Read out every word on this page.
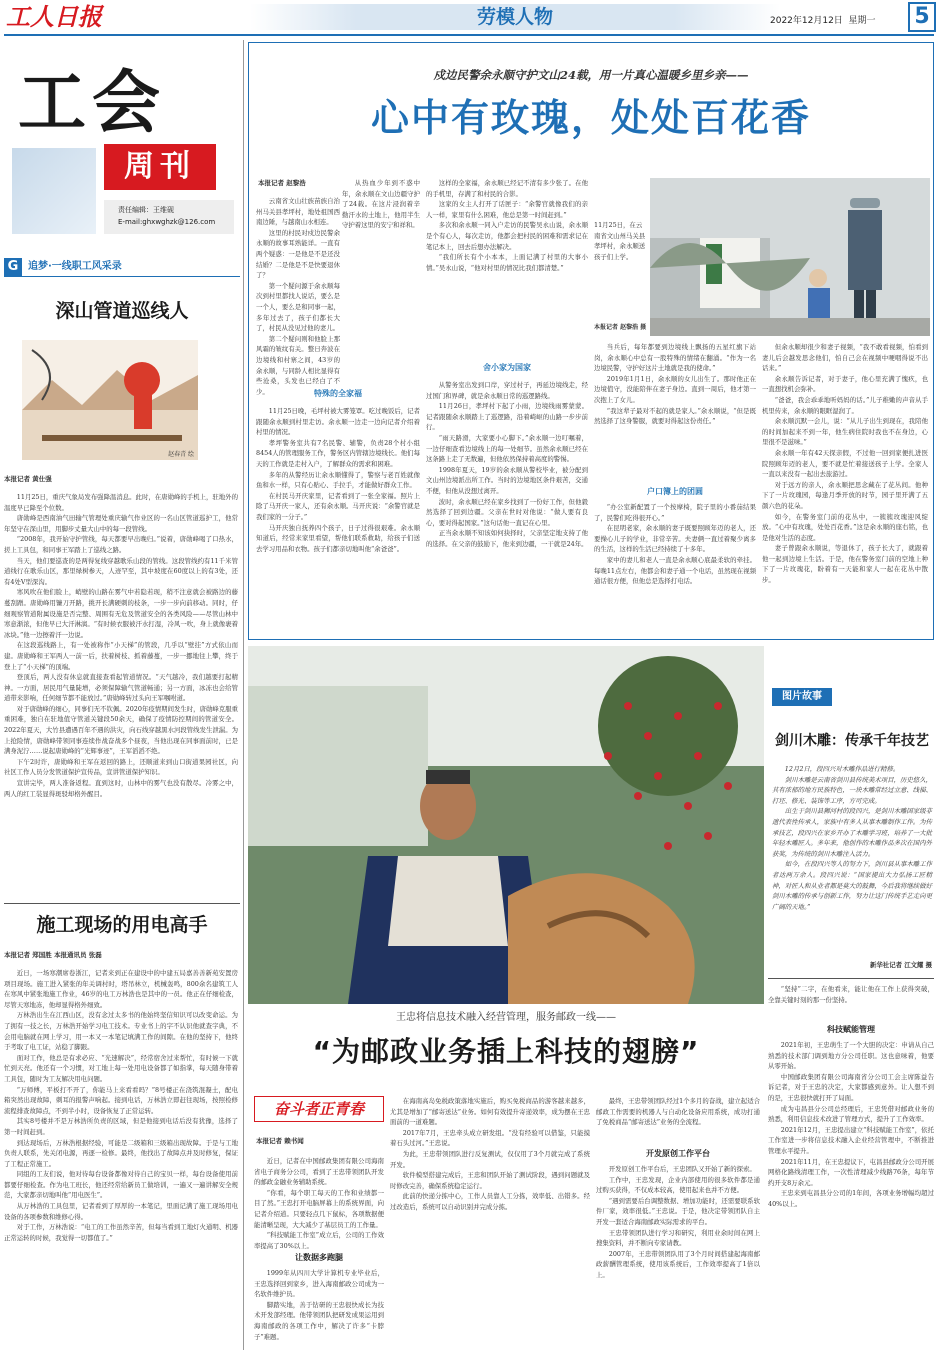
工人日报	劳模人物	2022年12月12日 星期一	5
工会
周刊
责任编辑：王维砚
E-mail:ghxwghzk@126.com
G 追梦·一线职工风采录
深山管道巡线人
赵春青 绘
本报记者 黄仕强

11月25日，重庆气象局发布强降温消息。此时，在唐勋峰的手机上，驻地外的温度早已降至个位数。

唐勋峰是西南油气田输气管理处重庆输气作业区的一名山区管道巡护工，他常年坚守在深山里，用脚步丈量大山中的每一段管线。

“2008年，我开始守护管线，每天都要早出晚归。”说着，唐勋峰喝了口热水，搓上工具包，和同事王军踏上了巡线之路。

当天，他们要巡查的是两得复线穿越歌乐山段的管线。这段管线约有11千米管道线行在歌乐山区，那里绿树参天，人迹罕至，其中坡度在60度以上的有3处，还有4处V型深沟。

寒风吹在他们脸上，峭壁的山路在雾气中若隐若现，稍不注意就会被路边的藤蔓刮蹭。唐勋峰用镰刀开路，挑开长满硬刺的枝条，一步一步向前移动。同时，仔细观察管道附属设施是否完整、周围有无危及管道安全的各类风险——尽管山林中寒意渐浓，但他早已大汗淋漓。“有时候衣服被汗水打湿，冷风一吹，身上就像裹着冰块。”他一边擦着汗一边说。

在这段巡线路上，有一处被称作“小天梯”的管段，几乎以“壁挂”方式依山而建。唐勋峰和王军两人一前一后，扶着树枝、抓着藤蔓，一步一挪地往上攀，终于登上了“小天梯”的顶端。

登顶后，两人没有休息就直接查看起管道情况。“天气越冷，我们越要打起精神。一方面，居民用气量陡增，必须保障输气管道畅通；另一方面，冰冻也会给管道带来影响，任何细节都不能放过。”唐勋峰转过头向王军嘱咐道。

对于唐勋峰的细心，同事们无不钦佩。2020年疫情期间发生时，唐勋峰克服重重困难，独自在驻地值守管道关键段50余天，确保了疫情防控期间的管道安全。2022年夏天，大竹县遭遇百年不遇的洪灾，向石线穿越黑水河段管线发生泄漏。为上抢险情，唐勋峰带领同事连续作战奋战多个昼夜，当他出现在同事面前时，已是满身泥泞……说起唐勋峰的“光辉事迹”，王军滔滔不绝。

下午2时许，唐勋峰和王军在返回的路上，还顺道来到山口街道果园社区，向社区工作人员分发管道保护宣传品，宣讲管道保护知识。

宣讲完毕，两人准备返程。直到这时，山林中的雾气也没有散尽。冷雾之中，两人的红工装显得斑驳却格外醒目。

施工现场的用电高手
本报记者 郑国胜 本报通讯员 张磊

近日，一场寒潮席卷浙江，记者来到正在建设中的中建五局嘉善善新苑安置房项目现场。施工进入紧张的年关调村时，塔吊林立，机械轰鸣，800余名建筑工人在寒风中紧张地施工作业，46岁的电工万林浩也是其中的一员。他正在仔细检查，尽管天寒地冻，他却显得格外细致。

万林浩出生在江西山区，没有念过太多书的他始终坚信知识可以改变命运。为了拥有一技之长，万林浩开始学习电工技术。专业书上的字不认识他就查字典，不会用电脑就在网上学习，用一本又一本笔记填满工作的间隙。在他的坚持下，他终于考取了电工证，站稳了脚跟。

面对工作，他总是有求必应、“光速解决”，经常宿舍过来帮忙，有时候一下就忙到天亮。他还有一个习惯，对工地上每一处用电设备都了如指掌，每天随身带着工具包，随时为工友解决用电问题。

“万师傅，平板打不开了，你能马上来看看吗？”8号楼正在浇筑混凝土，配电箱突然出现故障，刺耳的报警声响起。接到电话，万林浩立即赶往现场，按照检修流程排查故障点，不到半小时，设备恢复了正常运转。

其实8号楼并不是万林浩所负责的区域，但是他接到电话后没有犹豫，选择了第一时间赶到。

到达现场后，万林浩根据经验，可能是二级箱和三级箱出现故障。于是与工地负责人联系，先关闭电源，再逐一检修。最终，他找出了故障点并及时修复，保证了工程正常施工。

同组的工友们说，他对待每台设备都像对待自己的宝贝一样，每台设备使用前都要仔细检查。作为电工班长，他还经常给新员工做培训，一遍又一遍讲解安全规范，大家都亲切地叫他“用电医生”。

从万林浩的工具包里，记者看到了厚厚的一本笔记，里面记满了施工现场用电设备的各项参数和维修心得。

对于工作，万林浩说：“电工的工作虽然辛苦，但每当看到工地灯火通明、机器正常运转的时候，我觉得一切都值了。”

戍边民警余永顺守护文山24载，用一片真心温暖乡里乡亲——
心中有玫瑰，处处百花香
本报记者 赵黎浩

云南省文山壮族苗族自治州马关县孝坪村，地处祖国西南边陲，与越南山水相连。

这里的村民对戍边民警余永顺的故事耳熟能详。一直有两个疑惑：一是他是不是还没结婚？二是他是不是快要退休了？

第一个疑问源于余永顺每次到村里都找人说话，要么是一个人，要么是和同事一起，多年过去了，孩子们都长大了，村民从没见过他的妻儿。

第二个疑问则和他脸上那风霜的皱纹有关。整日奔波在边境线和村寨之间，43岁的余永顺，与同龄人相比显得有些沧桑，头发也已经白了不少。

从热血少年到不惑中年，余永顺在文山边疆守护了24载。在这片浸润着辛勤汗水的土地上，他用半生守护着这里的安宁和祥和。

特殊的全家福

11月25日晚，毛坪村被大雾笼罩。吃过晚饭后，记者跟随余永顺到村里走访。余永顺一边走一边向记者介绍着村里的情况。

孝坪警务室共有7名民警、辅警，负责28个村小组8454人的管理服务工作，警务区内管辖边境线长。他们每天的工作就是走村入户，了解群众的需求和困难。

多年的从警经历让余永顺懂得了，警察与老百姓就像鱼和水一样，只有心贴心、手拉手，才能做好群众工作。

在村民马开庆家里，记者看到了一张全家福。照片上除了马开庆一家人，还有余永顺。马开庆说：“余警官就是我们家的一分子。”

马开庆独自抚养四个孩子，日子过得很艰难。余永顺知道后，经常来家里看望，帮他们联系救助，给孩子们送去学习用品和衣物。孩子们都亲切地叫他“余爸爸”。

这样的全家福，余永顺已经记不清有多少张了。在他的手机里，存满了和村民的合影。

这家的女主人打开了话匣子：“余警官就像我们的亲人一样，家里有什么困难，他总是第一时间赶到。”

多次和余永顺一同入户走访的民警吴永山说，余永顺是个有心人，每次走访，他都会把村民的困难和需求记在笔记本上，回去后想办法解决。

“我们所长有个小本本，上面记满了村里的大事小情。”吴永山说，“他对村里的情况比我们都清楚。”

舍小家为国家

从警务室出发到口岸，穿过村子，再延边境线走，经过国门和界碑，就是余永顺日常的巡逻路线。

11月26日，孝坪村下起了小雨，边境线雨雾蒙蒙。记者跟随余永顺踏上了巡逻路，沿着崎岖的山路一步步前行。

“雨天路滑，大家要小心脚下。”余永顺一边叮嘱着，一边仔细查看边境线上的每一处细节。虽然余永顺已经在这条路上走了无数遍，但他依然保持着高度的警惕。

1998年夏天，19岁的余永顺从警校毕业，被分配到文山州边境派出所工作。当时的边境地区条件艰苦，交通不便，但他从没想过离开。

波时，余永顺已经在家乡找到了一份好工作，但他毅然选择了回到边疆。父亲在世时对他说：“做人要有良心，要对得起国家。”这句话他一直记在心里。

正当余永顺不知该如何抉择时，父亲坚定地支持了他的选择。在父亲的鼓励下，他来到边疆，一干就是24年。

11月25日，在云南省文山州马关县孝坪村，余永顺送孩子们上学。
本报记者 赵黎浩 摄

当兵后，每年都要到边境线上飘扬的五星红旗下站岗，余永顺心中总有一股特殊的情绪在翻涌。“作为一名边境民警，守护好这片土地就是我的使命。”

2019年1月1日，余永顺的女儿出生了。那时他正在边境值守，没能陪伴在妻子身边。直到一周后，他才第一次抱上了女儿。

“我这辈子最对不起的就是家人。”余永顺说，“但是既然选择了这身警服，就要对得起这份责任。”

户口簿上的团圆

“办公室新配置了一个按摩椅，院子里的小番茄结果了，民警们吃得很开心。”

在昆明老家，余永顺的妻子既要照顾年迈的老人，还要操心儿子的学业，非常辛苦。夫妻俩一直过着聚少离多的生活，这样的生活已经持续了十多年。

家中的妻儿和老人一直是余永顺心底最柔软的牵挂。每晚11点左右，他都会和妻子通一个电话，虽然现在视频通话很方便，但他总是选择打电话。

但余永顺却很少和妻子视频，“我不敢看视频，怕看到妻儿后会越发思念他们，怕自己会在视频中哽咽得说不出话来。”

余永顺告诉记者，对于妻子，他心里充满了愧疚，也一直想找机会弥补。

“爸爸，我会乖乖地听妈妈的话。”儿子稚嫩的声音从手机里传来，余永顺的眼眶湿润了。

余永顺沉默一会儿，说：“从儿子出生到现在，我陪他的时间加起来不到一年，他生病住院时我也不在身边，心里很不是滋味。”

余永顺一年有42天探亲假，不过他一回到家便扎进医院照顾年迈的老人，要不就是忙着接送孩子上学。全家人一直以来没有一起出去旅游过。

对于远方的亲人，余永顺把思念藏在了花丛间。他种下了一片玫瑰园，每逢月季开放的时节，园子里开满了五颜六色的花朵。

如今，在警务室门前的花丛中，一簇簇玫瑰迎风绽放。“心中有玫瑰，处处百花香。”这是余永顺的座右铭，也是他对生活的态度。

妻子曾跟余永顺说，等退休了，孩子长大了，就跟着他一起到边境上生活。于是，他在警务室门前的空地上种下了一片玫瑰花，盼着有一天能和家人一起在花丛中散步。

图片故事
剑川木雕：传承千年技艺

12月2日，段四兴对木雕作品进行精修。

剑川木雕是云南省剑川县传统美术项目，历史悠久，其有浓郁的地方民族特色，一块木雕常经过立意、线描、打坯、修光、装饰等工序，方可完成。

出生于剑川县狮河村的段四兴，是剑川木雕国家级非遗代表性传承人，家族中有多人从事木雕制作工作。为传承技艺，段四兴在家乡开办了木雕学习班，培养了一大批年轻木雕匠人。多年来，他创作的木雕作品多次在国内外获奖，为传统的剑川木雕注入活力。

如今，在段四兴等人的努力下，剑川县从事木雕工作者达两万余人。段四兴说：“国家提出大力弘扬工匠精神，对匠人和从业者都是莫大的鼓舞，今后我将继续做好剑川木雕的传承与创新工作，努力让这门传统手艺走向更广阔的天地。”

新华社记者 江文耀 摄
王忠将信息技术融入经营管理，服务邮政一线——
“为邮政业务插上科技的翅膀”
奋斗者正青春
本报记者 赖书闻

近日，记者在中国邮政集团有限公司海南省电子商务分公司，看到了王忠带领团队开发的邮政金融业务辅助系统。

“你看，每个职工每天的工作和业绩都一目了然。”王忠打开电脑屏幕上的系统界面，向记者介绍道。只要轻点几下鼠标，各项数据便能清晰呈现，大大减少了基层员工的工作量。

“科技赋能工作室”成立后，公司的工作效率提高了30%以上。

让数据多跑腿

1999年从四川大学计算机专业毕业后，王忠选择回到家乡，进入海南邮政公司成为一名软件维护员。

脚踏实地，善于钻研的王忠很快成长为技术开发部经理。他带领团队把研发成果运用到海南邮政的各项工作中，解决了许多“卡脖子”难题。

在海南高岛免税政策落地实施后，购买免税商品的游客越来越多，尤其是增加了“邮寄送达”业务。如何有效提升寄递效率，成为摆在王忠面前的一道难题。

2017年7月，王忠牵头成立研发组。“没有经验可以借鉴，只能摸着石头过河。”王忠说。

为此，王忠带领团队进行反复测试，仅仅用了3个月就完成了系统开发。

软件模型搭建完成后，王忠和团队开始了测试阶段，遇到问题就及时修改完善，确保系统稳定运行。

此前的快递分拣中心，工作人员靠人工分拣，效率低、出错多。经过改造后，系统可以自动识别并完成分拣。

最终，王忠带领团队经过1个多月的奋战，建立起适合邮政工作需要的机器人与自动化设备应用系统，成功打通了免税商品“邮寄送达”业务的全流程。

开发原创工作平台

开发原创工作平台后，王忠团队又开始了新的探索。

工作中，王忠发现，企业内部使用的很多软件都是通过购买获得，不仅成本较高，使用起来也并不方便。

“遇到需要后台调整数据、增加功能时，还需要联系软件厂家，效率很低。”王忠说。于是，他决定带领团队自主开发一套适合海南邮政实际需求的平台。

王忠带领团队进行学习和研究，利用业余时间在网上搜集资料，并不断向专家请教。

2007年，王忠带领团队用了3个月时间搭建起海南邮政薪酬管理系统，使用该系统后，工作效率提高了1倍以上。

“坚持”二字，在他看来，能让他在工作上获得突破，全靠关键时刻的那一份坚持。

科技赋能管理

2021年初，王忠萌生了一个大胆的决定：申请从自己熟悉的技术部门调到地方分公司任职。这也意味着，他要从零开始。

中国邮政集团有限公司海南省分公司工会主席陈益告诉记者，对于王忠的决定，大家都感到意外。让人想不到的是，王忠很快就打开了局面。

成为屯昌县分公司总经理后，王忠凭借对邮政业务的熟悉，利用信息技术改进了管理方式，提升了工作效率。

2021年12月，王忠提出建立“科技赋能工作室”，依托工作室进一步将信息技术融入企业经营管理中，不断推进管理水平提升。

2021年11月，在王忠提议下，屯昌县邮政分公司开展网格化路线清理工作，一次性清理减少线路76条，每年节约开支8万余元。

王忠来到屯昌县分公司的1年间，各项业务增幅均超过40%以上。
